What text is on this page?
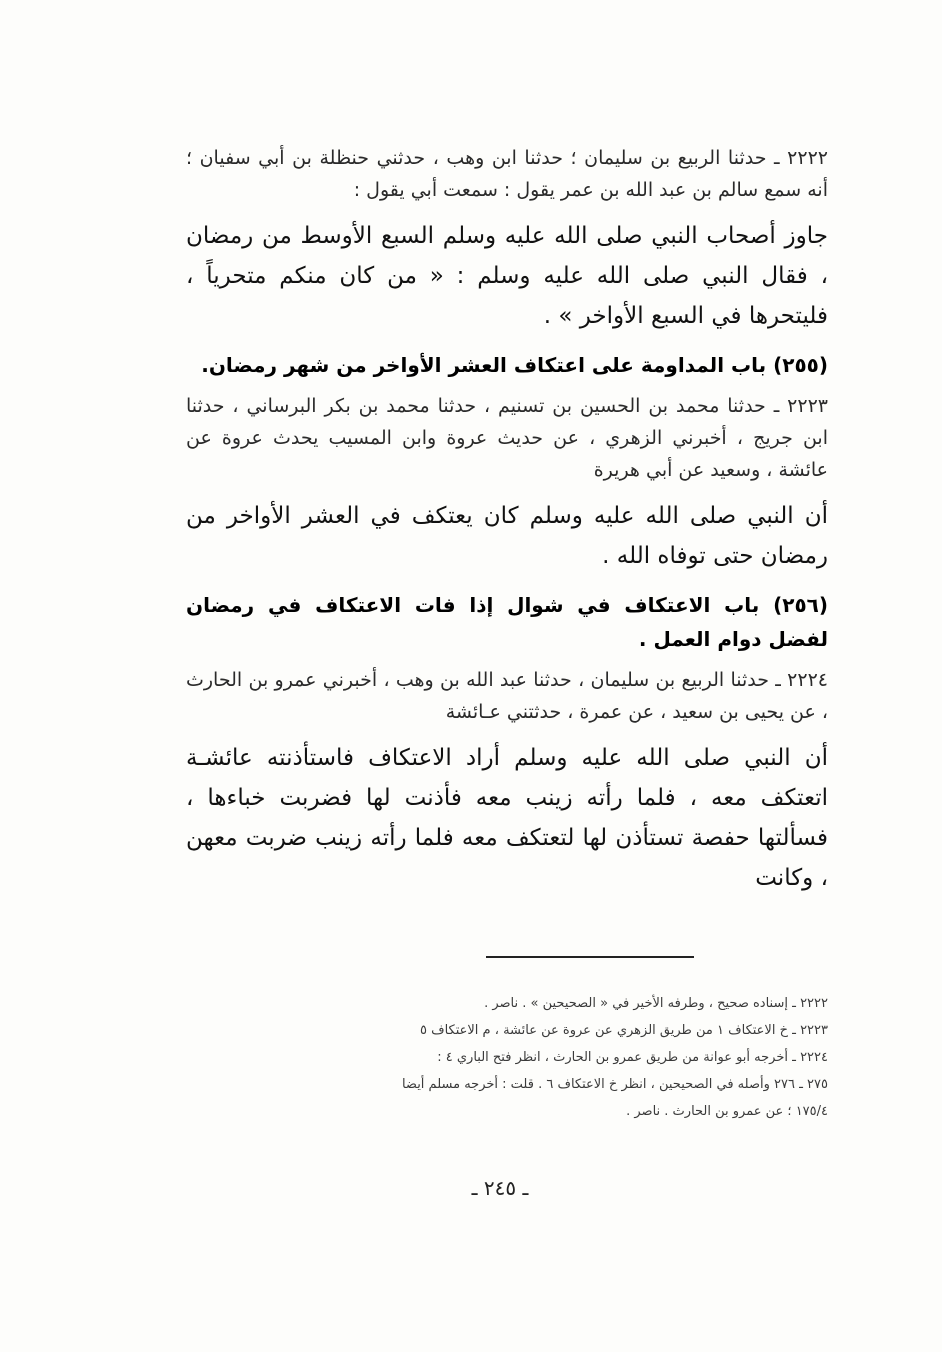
٢٢٢٢ ـ حدثنا الربيع بن سليمان ؛ حدثنا ابن وهب ، حدثني حنظلة بن أبي سفيان ؛ أنه سمع سالم بن عبد الله بن عمر يقول : سمعت أبي يقول :

جاوز أصحاب النبي صلى الله عليه وسلم السبع الأوسط من رمضان ، فقال النبي صلى الله عليه وسلم : « من كان منكم متحرياً ، فليتحرها في السبع الأواخر » .

(٢٥٥) باب المداومة على اعتكاف العشر الأواخر من شهر رمضان.

٢٢٢٣ ـ حدثنا محمد بن الحسين بن تسنيم ، حدثنا محمد بن بكر البرساني ، حدثنا ابن جريج ، أخبرني الزهري ، عن حديث عروة وابن المسيب يحدث عروة عن عائشة ، وسعيد عن أبي هريرة

أن النبي صلى الله عليه وسلم كان يعتكف في العشر الأواخر من رمضان حتى توفاه الله .

(٢٥٦) باب الاعتكاف في شوال إذا فات الاعتكاف في رمضان لفضل دوام العمل .

٢٢٢٤ ـ حدثنا الربيع بن سليمان ، حدثنا عبد الله بن وهب ، أخبرني عمرو بن الحارث ، عن يحيى بن سعيد ، عن عمرة ، حدثتني عـائشة

أن النبي صلى الله عليه وسلم أراد الاعتكاف فاستأذنته عائشـة اتعتكف معه ، فلما رأته زينب معه فأذنت لها فضربت خباءها ، فسألتها حفصة تستأذن لها لتعتكف معه فلما رأته زينب ضربت معهن ، وكانت

٢٢٢٢ ـ إسناده صحيح ، وطرفه الأخير في « الصحيحين » . ناصر .
٢٢٢٣ ـ خ الاعتكاف ١ من طريق الزهري عن عروة عن عائشة ، م الاعتكاف ٥
٢٢٢٤ ـ أخرجه أبو عوانة من طريق عمرو بن الحارث ، انظر فتح الباري ٤ :
٢٧٥ ـ ٢٧٦ وأصله في الصحيحين ، انظر خ الاعتكاف ٦ . قلت : أخرجه مسلم أيضا
١٧٥/٤ ؛ عن عمرو بن الحارث . ناصر .
ـ ٢٤٥ ـ
